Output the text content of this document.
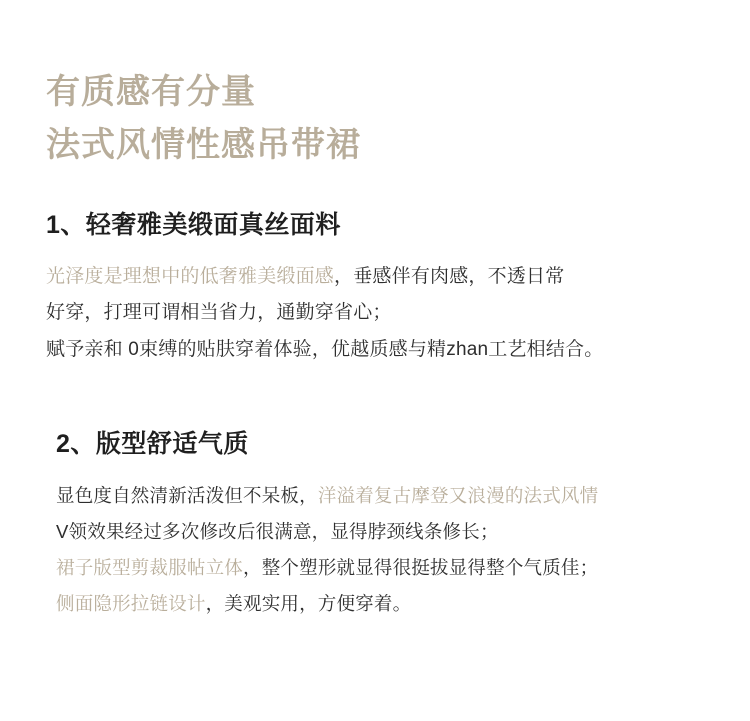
有质感有分量
法式风情性感吊带裙
1、轻奢雅美缎面真丝面料
光泽度是理想中的低奢雅美缎面感，垂感伴有肉感，不透日常
好穿，打理可谓相当省力，通勤穿省心；
赋予亲和 0束缚的贴肤穿着体验，优越质感与精zhan工艺相结合。
2、版型舒适气质
显色度自然清新活泼但不呆板，洋溢着复古摩登又浪漫的法式风情
V领效果经过多次修改后很满意，显得脖颈线条修长；
裙子版型剪裁服帖立体，整个塑形就显得很挺拔显得整个气质佳；
侧面隐形拉链设计，美观实用，方便穿着。
